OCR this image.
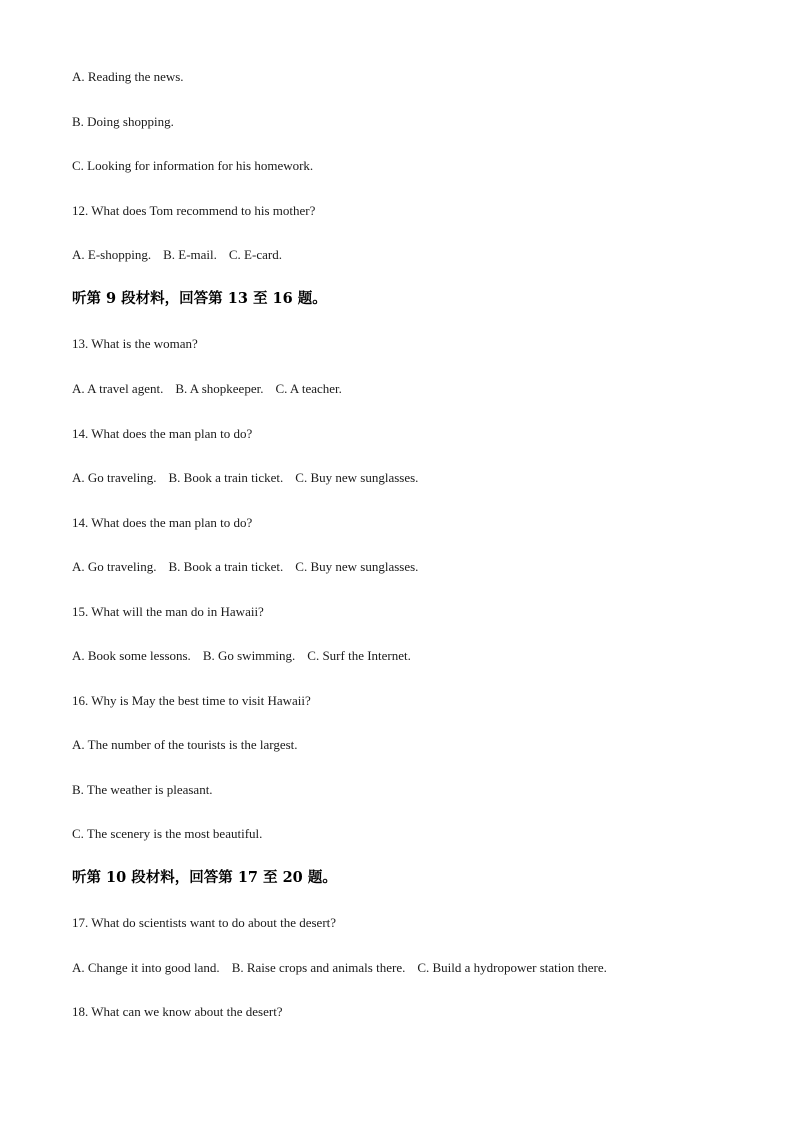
A. Reading the news.
B. Doing shopping.
C. Looking for information for his homework.
12. What does Tom recommend to his mother?
A. E-shopping. B. E-mail. C. E-card.
听第 9 段材料，回答第 13 至 16 题。
13. What is the woman?
A. A travel agent. B. A shopkeeper. C. A teacher.
14. What does the man plan to do?
A. Go traveling. B. Book a train ticket. C. Buy new sunglasses.
14. What does the man plan to do?
A. Go traveling. B. Book a train ticket. C. Buy new sunglasses.
15. What will the man do in Hawaii?
A. Book some lessons. B. Go swimming. C. Surf the Internet.
16. Why is May the best time to visit Hawaii?
A. The number of the tourists is the largest.
B. The weather is pleasant.
C. The scenery is the most beautiful.
听第 10 段材料，回答第 17 至 20 题。
17. What do scientists want to do about the desert?
A. Change it into good land. B. Raise crops and animals there. C. Build a hydropower station there.
18. What can we know about the desert?
